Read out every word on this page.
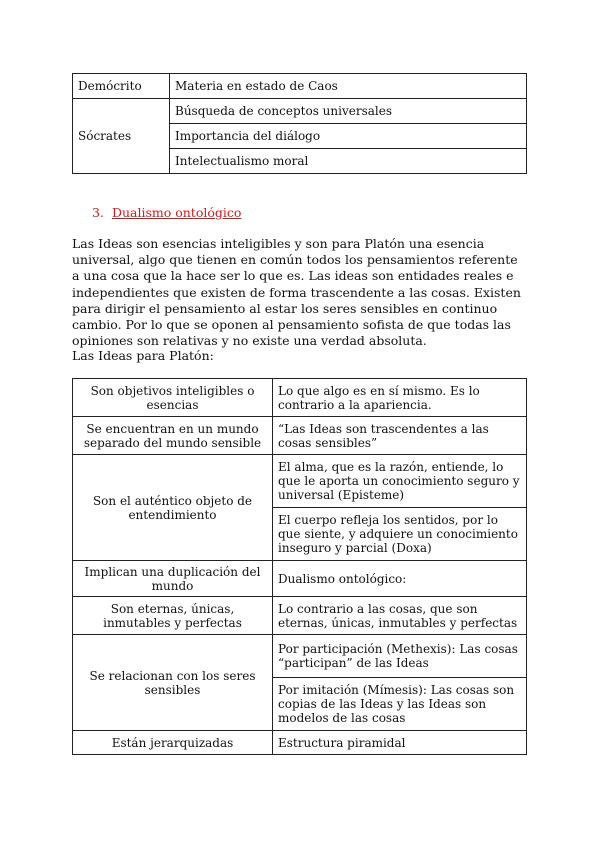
Demócrito	Materia en estado de Caos
Sócrates	Búsqueda de conceptos universales
	Importancia del diálogo
	Intelectualismo moral

3. Dualismo ontológico

Las Ideas son esencias inteligibles y son para Platón una esencia universal, algo que tienen en común todos los pensamientos referente a una cosa que la hace ser lo que es. Las ideas son entidades reales e independientes que existen de forma trascendente a las cosas. Existen para dirigir el pensamiento al estar los seres sensibles en continuo cambio. Por lo que se oponen al pensamiento sofista de que todas las opiniones son relativas y no existe una verdad absoluta.

Las Ideas para Platón:

Son objetivos inteligibles o esencias	Lo que algo es en sí mismo. Es lo contrario a la apariencia.
Se encuentran en un mundo separado del mundo sensible	“Las Ideas son trascendentes a las cosas sensibles”
Son el auténtico objeto de entendimiento	El alma, que es la razón, entiende, lo que le aporta un conocimiento seguro y universal (Episteme)
	El cuerpo refleja los sentidos, por lo que siente, y adquiere un conocimiento inseguro y parcial (Doxa)
Implican una duplicación del mundo	Dualismo ontológico:
Son eternas, únicas, inmutables y perfectas	Lo contrario a las cosas, que son eternas, únicas, inmutables y perfectas
Se relacionan con los seres sensibles	Por participación (Methexis): Las cosas “participan” de las Ideas
	Por imitación (Mímesis): Las cosas son copias de las Ideas y las Ideas son modelos de las cosas
Están jerarquizadas	Estructura piramidal
